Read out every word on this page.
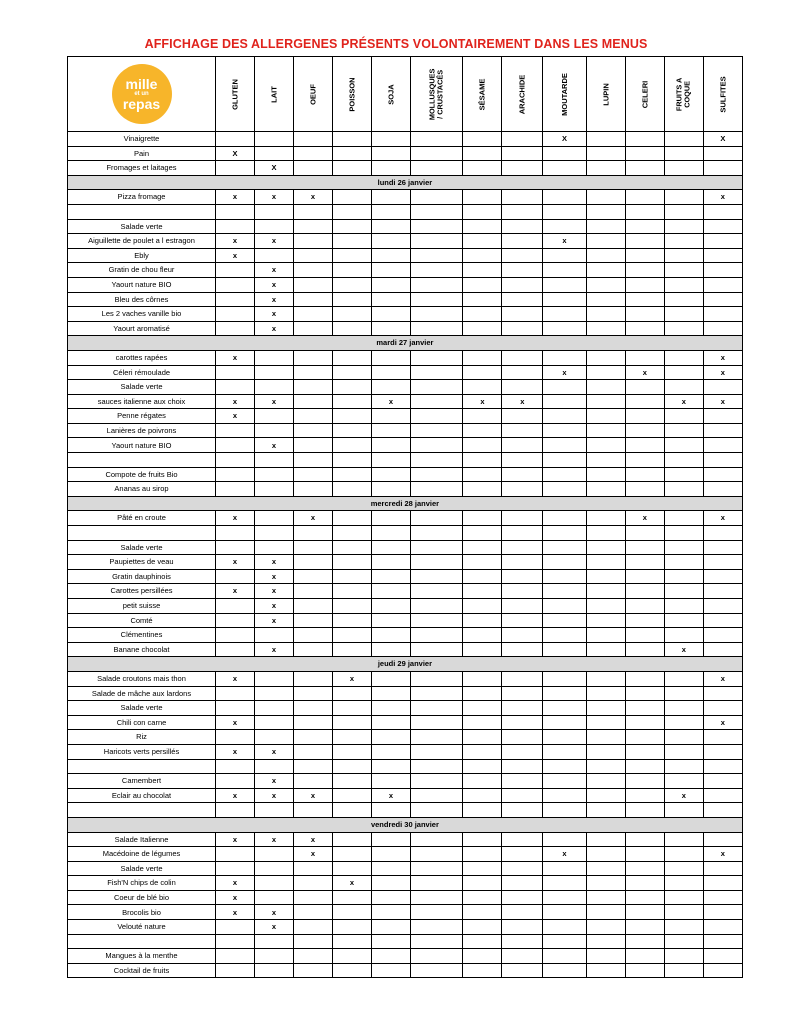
AFFICHAGE DES ALLERGENES PRÉSENTS VOLONTAIREMENT DANS LES MENUS
mille
et un
repas	GLUTEN	LAIT	OEUF	POISSON	SOJA	MOLLUSQUES / CRUSTACÉS	SÉSAME	ARACHIDE	MOUTARDE	LUPIN	CELERI	FRUITS A COQUE	SULFITES

Vinaigrette									X				X
Pain	X												
Fromages et laitages		X											
lundi 26 janvier													
Pizza fromage	x	x	x										x

Salade verte													
Aiguillette de poulet a l estragon	x	x							x				
Ebly	x												
Gratin de chou fleur		x											
Yaourt nature BIO		x											
Bleu des côrnes		x											
Les 2 vaches vanille bio		x											
Yaourt aromatisé		x											
mardi 27 janvier													
carottes rapées	x												x
Céleri rémoulade									x		x		x
Salade verte													
sauces italienne aux choix	x	x			x		x	x				x	x
Penne régates	x												
Lanières de poivrons													
Yaourt nature BIO		x											

Compote de fruits Bio													
Ananas au sirop													
mercredi 28 janvier													
Pâté en croute	x		x								x		x

Salade verte													
Paupiettes de veau	x	x											
Gratin dauphinois		x											
Carottes persillées	x	x											
petit suisse		x											
Comté		x											
Clémentines													
Banane chocolat		x										x	
jeudi 29 janvier													
Salade croutons mais thon	x			x									x
Salade de mâche aux lardons													
Salade verte													
Chili con carne	x												x
Riz													
Haricots verts persillés	x	x											

Camembert		x											
Eclair au chocolat	x	x	x		x							x	

vendredi 30 janvier													
Salade Italienne	x	x	x										
Macédoine de légumes			x						x				x
Salade verte													
Fish'N chips de colin	x			x									
Coeur de blé bio	x												
Brocolis bio	x	x											
Velouté nature		x											

Mangues à la menthe													
Cocktail de fruits													
